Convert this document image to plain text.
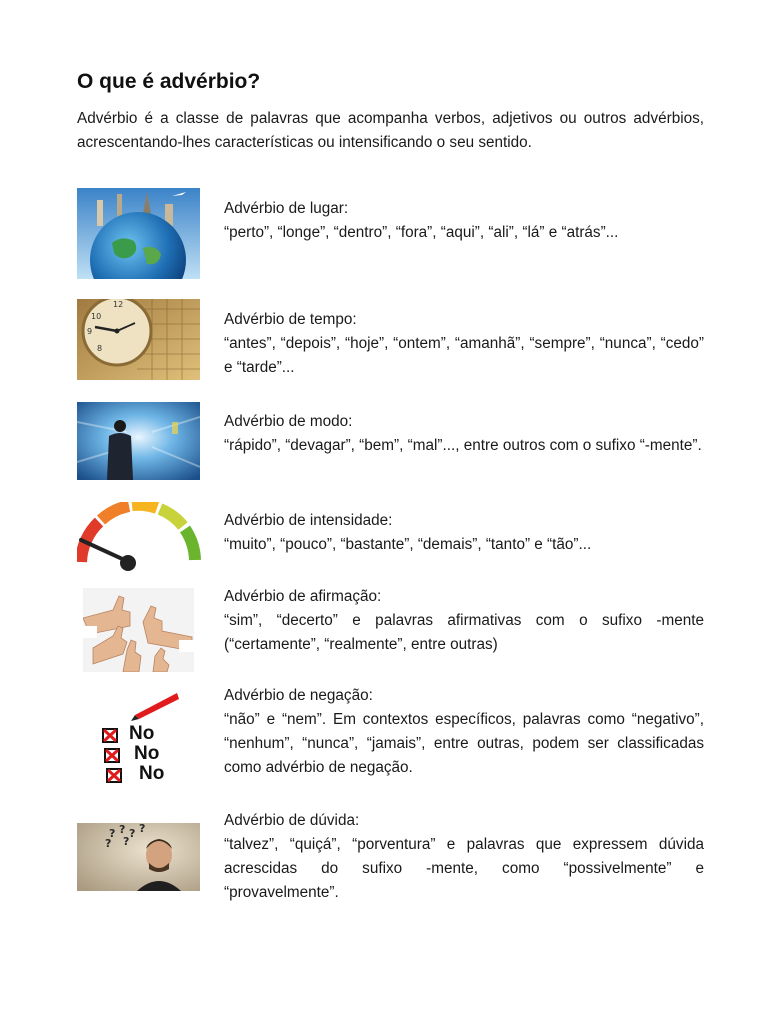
O que é advérbio?

Advérbio é a classe de palavras que acompanha verbos, adjetivos ou outros advérbios, acrescentando-lhes características ou intensificando o seu sentido.

Advérbio de lugar:

“perto”, “longe”, “dentro”, “fora”, “aqui”, “ali”, “lá” e “atrás”...

12
9
10
8

Advérbio de tempo:

“antes”, “depois”, “hoje”, “ontem”, “amanhã”, “sempre”, “nunca”, “cedo” e “tarde”...

Advérbio de modo:

“rápido”, “devagar”, “bem”, “mal”..., entre outros com o sufixo “-mente”.

Advérbio de intensidade:

“muito”, “pouco”, “bastante”, “demais”, “tanto” e “tão”...

Advérbio de afirmação:

“sim”, “decerto” e palavras afirmativas com o sufixo -mente (“certamente”, “realmente”, entre outras)

No
No
No

Advérbio de negação:

“não” e “nem”. Em contextos específicos, palavras como “negativo”, “nenhum”, “nunca”, “jamais”, entre outras, podem ser classificadas como advérbio de negação.

? ? ? ?
? ?

Advérbio de dúvida:

“talvez”, “quiçá”, “porventura” e palavras que expressem dúvida acrescidas do sufixo -mente, como “possivelmente” e “provavelmente”.
